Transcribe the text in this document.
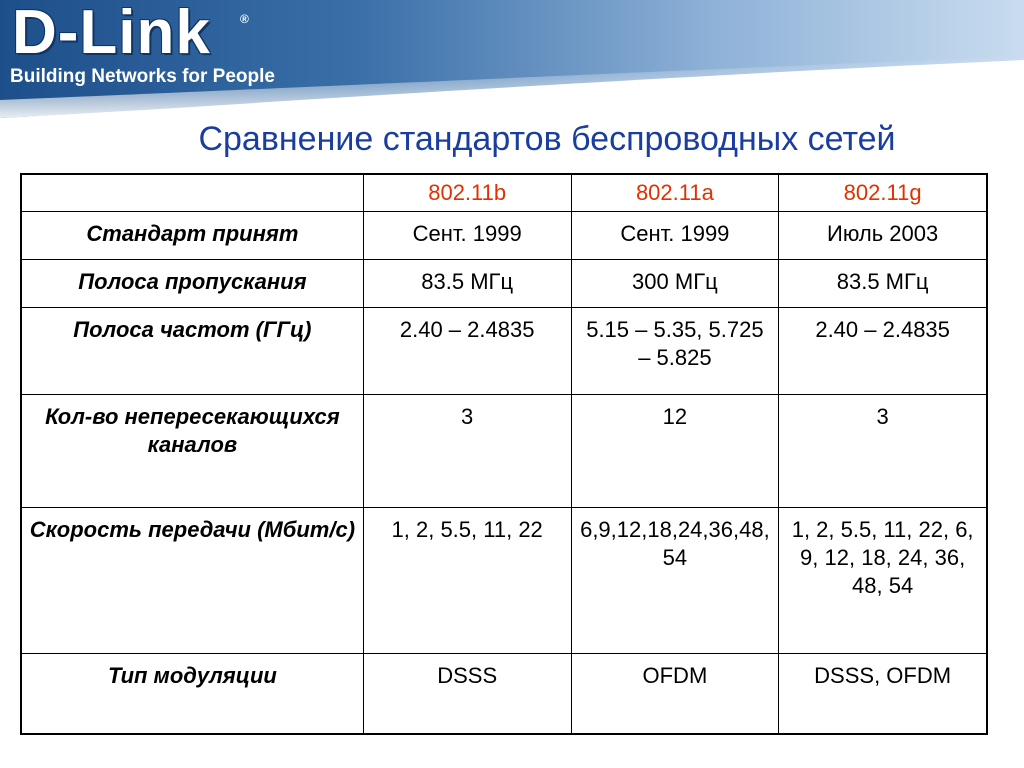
D-Link ®
Building Networks for People
Сравнение стандартов беспроводных сетей
	802.11b	802.11a	802.11g
Стандарт принят	Сент. 1999	Сент. 1999	Июль 2003
Полоса пропускания	83.5 МГц	300 МГц	83.5 МГц
Полоса частот (ГГц)	2.40 – 2.4835	5.15 – 5.35, 5.725 – 5.825	2.40 – 2.4835
Кол-во непересекающихся каналов	3	12	3
Скорость передачи (Мбит/с)	1, 2, 5.5, 11, 22	6,9,12,18,24,36,48,54	1, 2, 5.5, 11, 22, 6, 9, 12, 18, 24, 36, 48, 54
Тип модуляции	DSSS	OFDM	DSSS, OFDM
